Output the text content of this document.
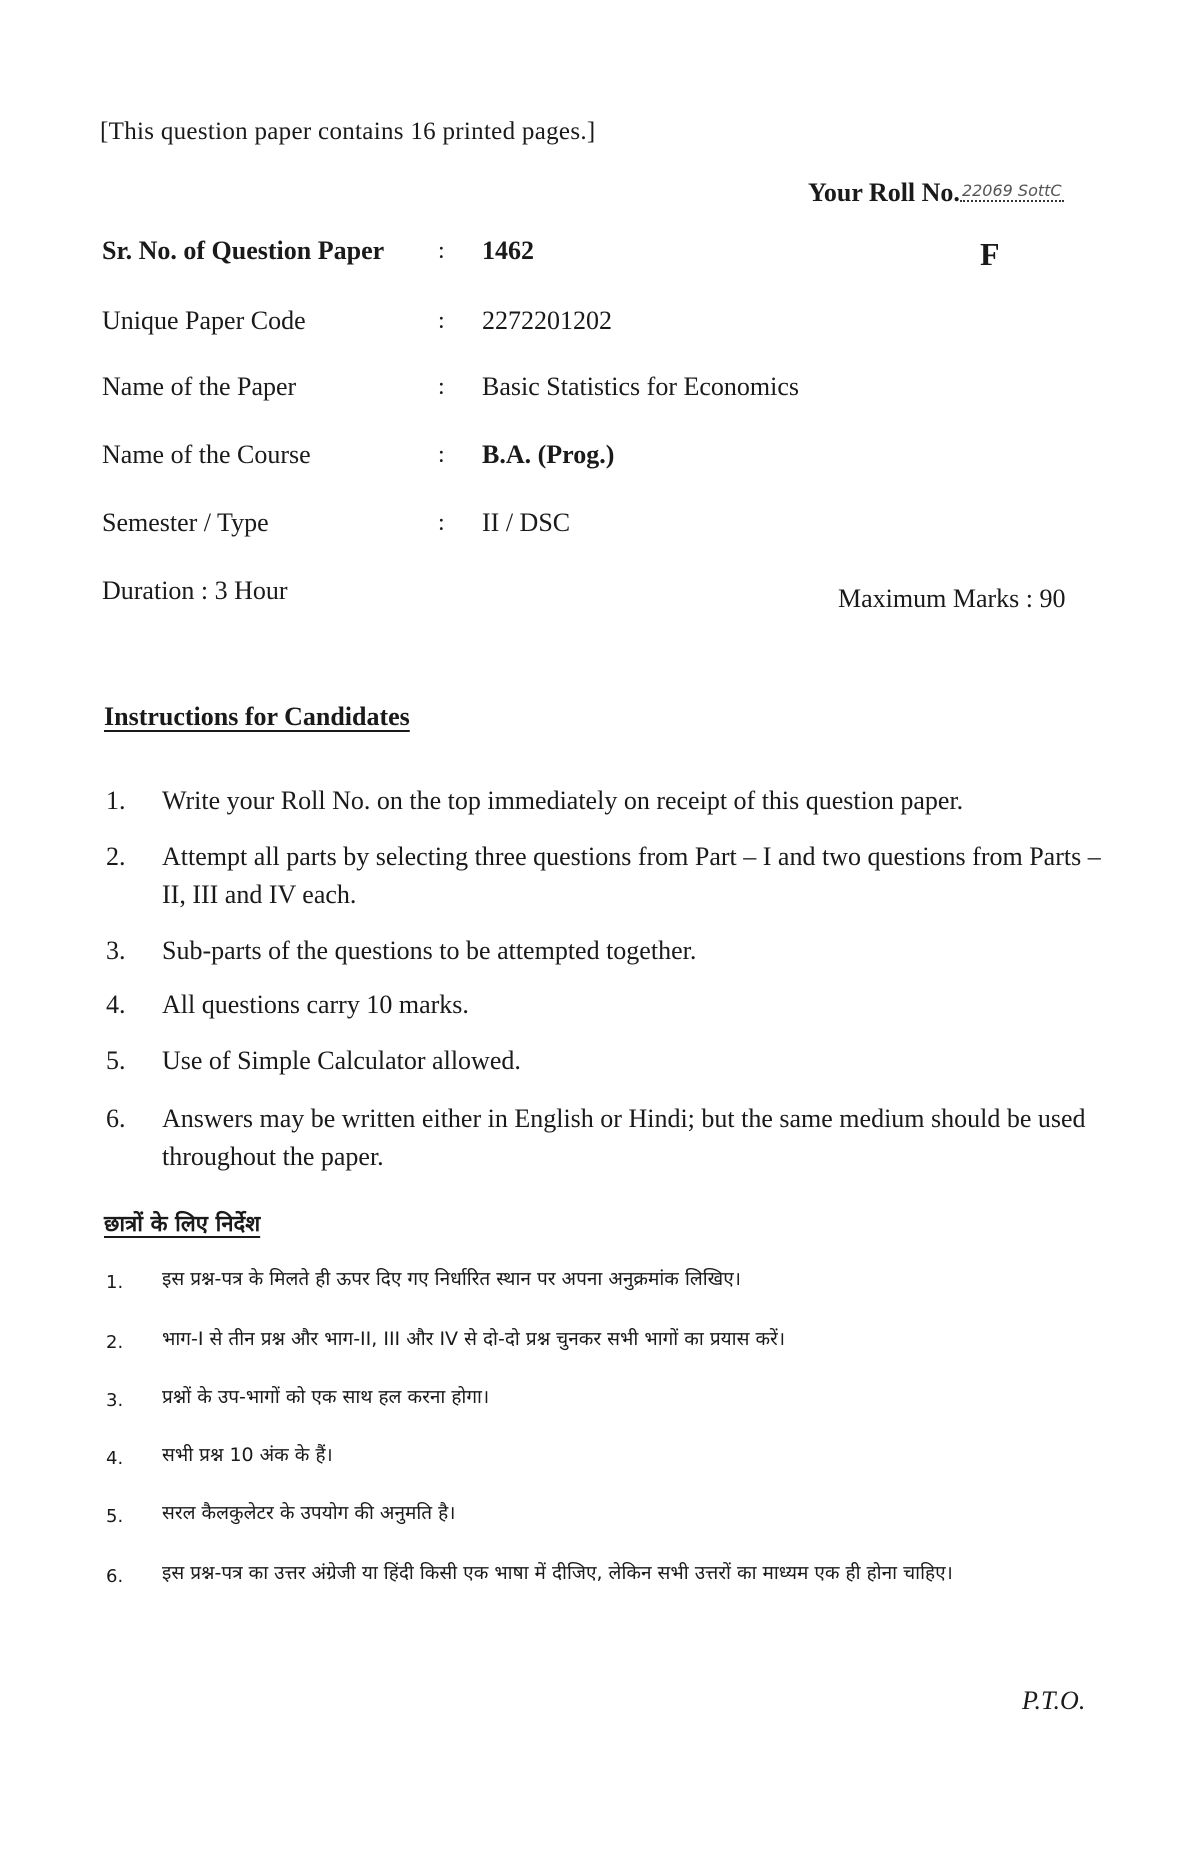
[This question paper contains 16 printed pages.]
Your Roll No. 22069 SottC
Sr. No. of Question Paper : 1462	F
Unique Paper Code	: 2272201202
Name of the Paper	: Basic Statistics for Economics
Name of the Course	: B.A. (Prog.)
Semester / Type	: II / DSC
Duration : 3 Hour	Maximum Marks : 90
Instructions for Candidates
1. Write your Roll No. on the top immediately on receipt of this question paper.
2. Attempt all parts by selecting three questions from Part – I and two questions from Parts – II, III and IV each.
3. Sub-parts of the questions to be attempted together.
4. All questions carry 10 marks.
5. Use of Simple Calculator allowed.
6. Answers may be written either in English or Hindi; but the same medium should be used throughout the paper.
छात्रों के लिए निर्देश
1. इस प्रश्न-पत्र के मिलते ही ऊपर दिए गए निर्धारित स्थान पर अपना अनुक्रमांक लिखिए।
2. भाग-I से तीन प्रश्न और भाग-II, III और IV से दो-दो प्रश्न चुनकर सभी भागों का प्रयास करें।
3. प्रश्नों के उप-भागों को एक साथ हल करना होगा।
4. सभी प्रश्न 10 अंक के हैं।
5. सरल कैलकुलेटर के उपयोग की अनुमति है।
6. इस प्रश्न-पत्र का उत्तर अंग्रेजी या हिंदी किसी एक भाषा में दीजिए, लेकिन सभी उत्तरों का माध्यम एक ही होना चाहिए।
P.T.O.
